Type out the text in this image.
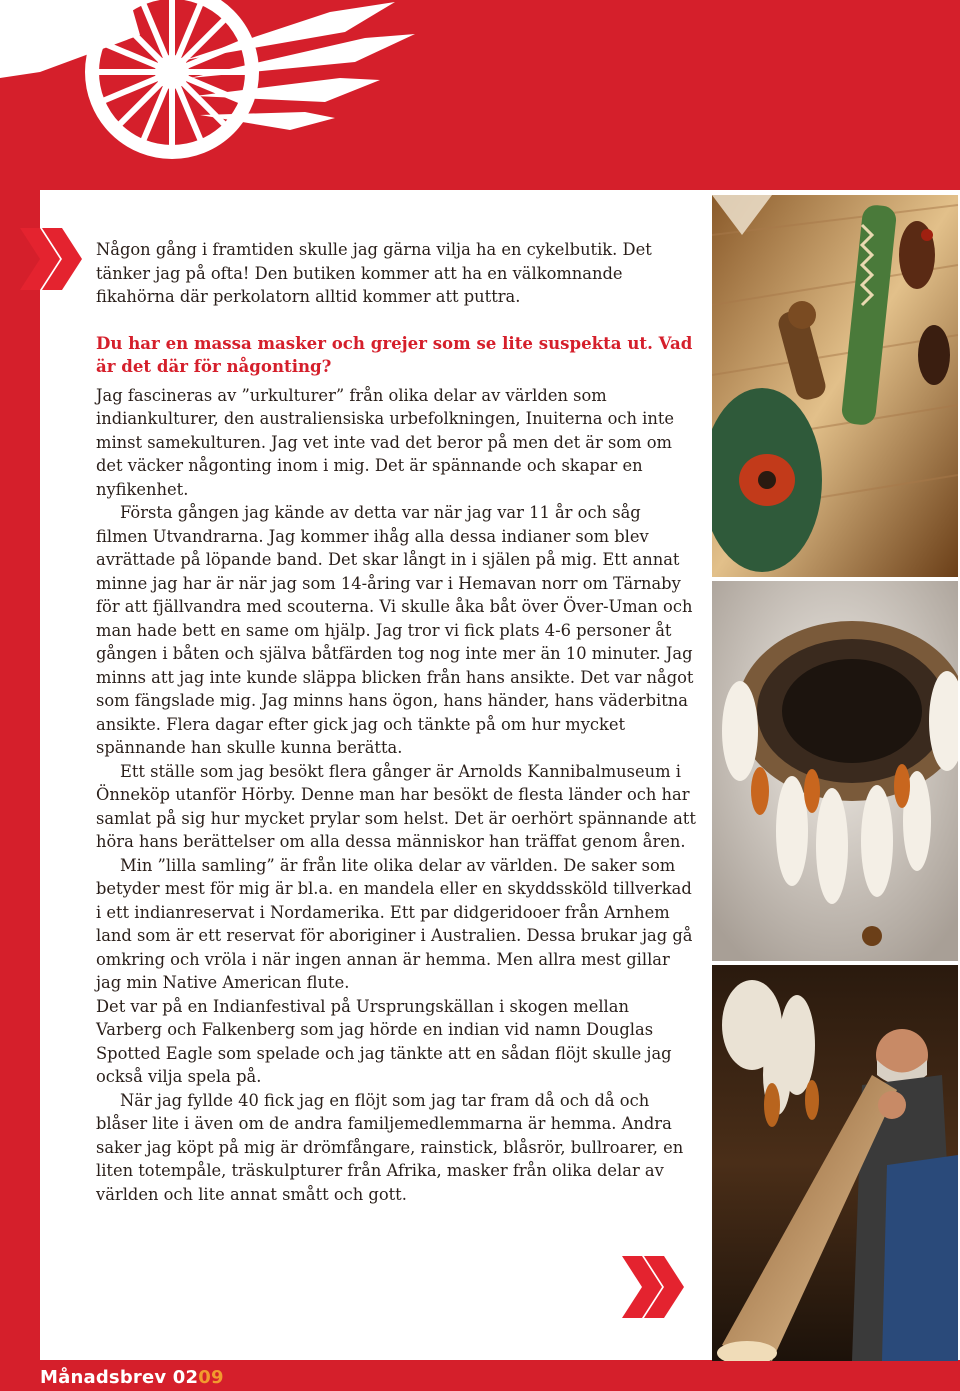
Någon gång i framtiden skulle jag gärna vilja ha en cykelbutik. Det tänker jag på ofta! Den butiken kommer att ha en välkomnande fikahörna där perkolatorn alltid kommer att puttra.

Du har en massa masker och grejer som se lite suspekta ut. Vad är det där för någonting?

Jag fascineras av ”urkulturer” från olika delar av världen som indiankulturer, den australiensiska urbefolkningen, Inuiterna och inte minst samekulturen. Jag vet inte vad det beror på men det är som om det väcker någonting inom i mig. Det är spännande och skapar en nyfikenhet.

Första gången jag kände av detta var när jag var 11 år och såg filmen Utvandrarna. Jag kommer ihåg alla dessa indianer som blev avrättade på löpande band. Det skar långt in i själen på mig. Ett annat minne jag har är när jag som 14-åring var i Hemavan norr om Tärnaby för att fjällvandra med scouterna. Vi skulle åka båt över Över-Uman och man hade bett en same om hjälp. Jag tror vi fick plats 4-6 personer åt gången i båten och själva båtfärden tog nog inte mer än 10 minuter. Jag minns att jag inte kunde släppa blicken från hans ansikte. Det var något som fängslade mig. Jag minns hans ögon, hans händer, hans väderbitna ansikte. Flera dagar efter gick jag och tänkte på om hur mycket spännande han skulle kunna berätta.

Ett ställe som jag besökt flera gånger är Arnolds Kannibalmuseum i Önneköp utanför Hörby. Denne man har besökt de flesta länder och har samlat på sig hur mycket prylar som helst. Det är oerhört spännande att höra hans berättelser om alla dessa människor han träffat genom åren.

Min ”lilla samling” är från lite olika delar av världen. De saker som betyder mest för mig är bl.a. en mandela eller en skyddssköld tillverkad i ett indianreservat i Nordamerika. Ett par didgeridooer från Arnhem land som är ett reservat för aboriginer i Australien. Dessa brukar jag gå omkring och vröla i när ingen annan är hemma. Men allra mest gillar jag min Native American flute.

Det var på en Indianfestival på Ursprungskällan i skogen mellan Varberg och Falkenberg som jag hörde en indian vid namn Douglas Spotted Eagle som spelade och jag tänkte att en sådan flöjt skulle jag också vilja spela på.

När jag fyllde 40 fick jag en flöjt som jag tar fram då och då och blåser lite i även om de andra familjemedlemmarna är hemma. Andra saker jag köpt på mig är drömfångare, rainstick, blåsrör, bullroarer, en liten totempåle, träskulpturer från Afrika, masker från olika delar av världen och lite annat smått och gott.

Månadsbrev 0209
